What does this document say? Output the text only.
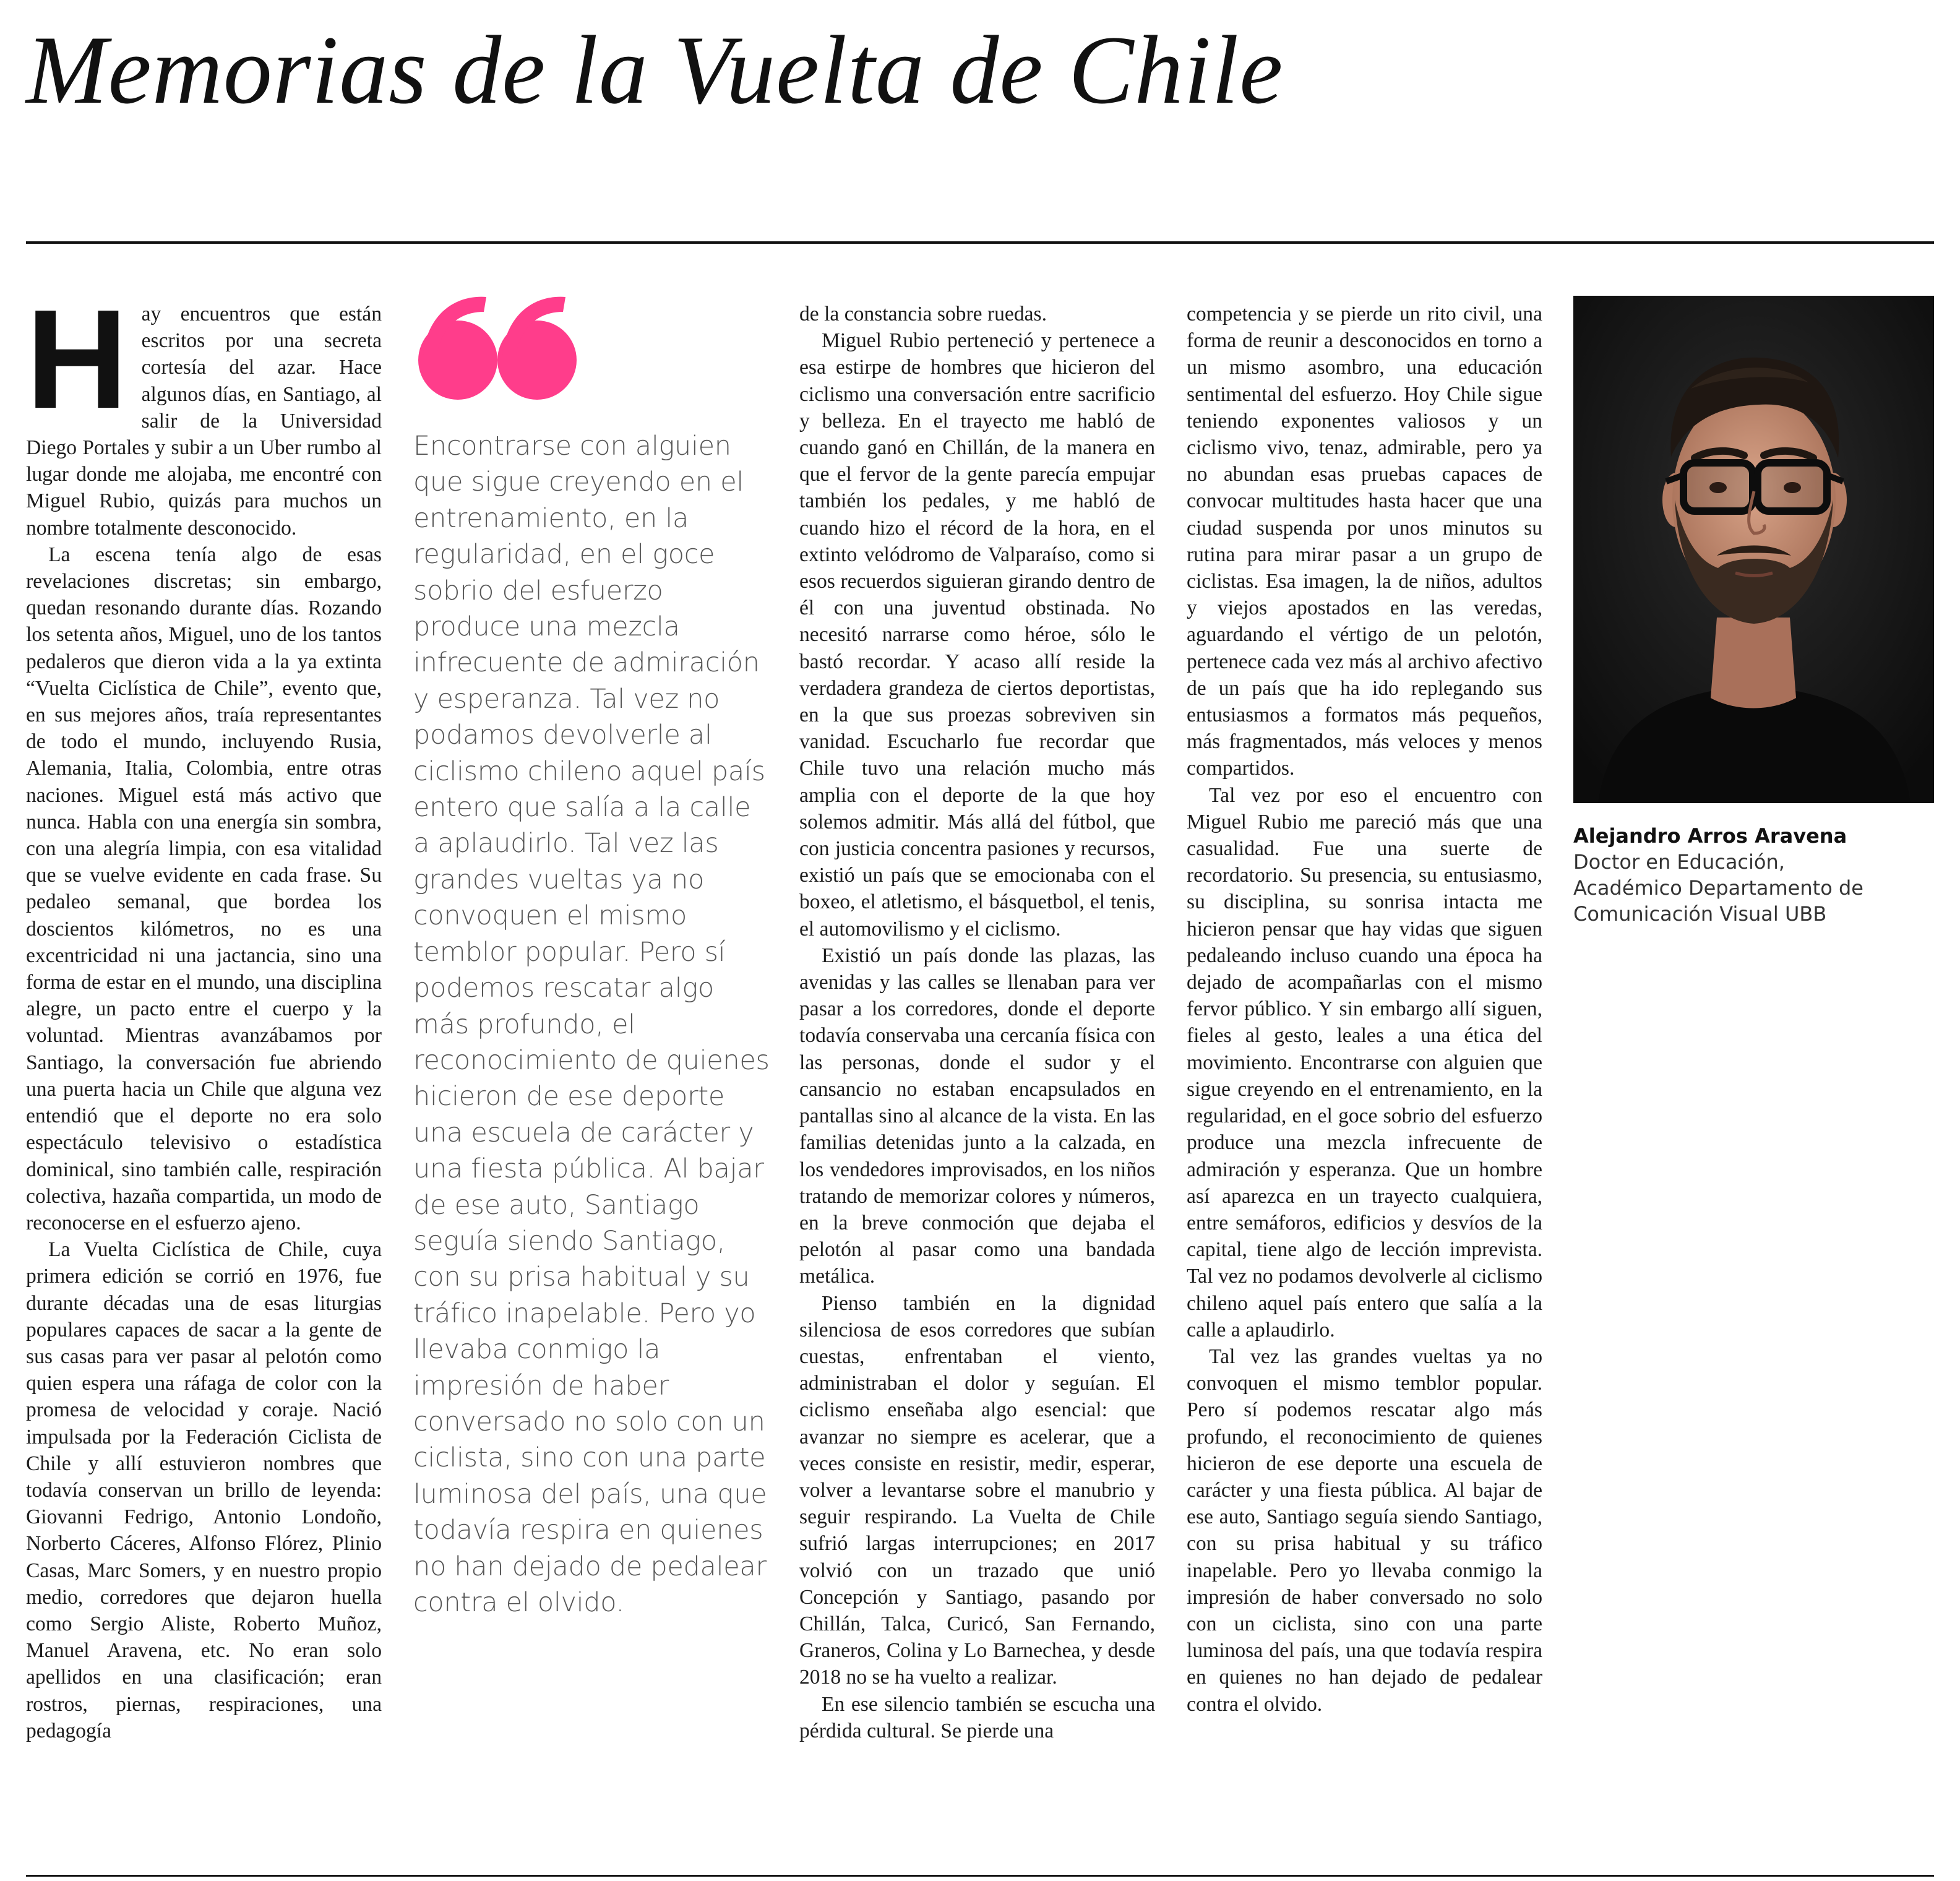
Memorias de la Vuelta de Chile
H ay encuentros que están escritos por una secreta cortesía del azar. Hace algunos días, en Santiago, al salir de la Universidad Diego Portales y subir a un Uber rumbo al lugar donde me alojaba, me encontré con Miguel Rubio, quizás para muchos un nombre totalmente desconocido.

La escena tenía algo de esas revelaciones discretas; sin embargo, quedan resonando durante días. Rozando los setenta años, Miguel, uno de los tantos pedaleros que dieron vida a la ya extinta “Vuelta Ciclística de Chile”, evento que, en sus mejores años, traía representantes de todo el mundo, incluyendo Rusia, Alemania, Italia, Colombia, entre otras naciones. Miguel está más activo que nunca. Habla con una energía sin sombra, con una alegría limpia, con esa vitalidad que se vuelve evidente en cada frase. Su pedaleo semanal, que bordea los doscientos kilómetros, no es una excentricidad ni una jactancia, sino una forma de estar en el mundo, una disciplina alegre, un pacto entre el cuerpo y la voluntad. Mientras avanzábamos por Santiago, la conversación fue abriendo una puerta hacia un Chile que alguna vez entendió que el deporte no era solo espectáculo televisivo o estadística dominical, sino también calle, respiración colectiva, hazaña compartida, un modo de reconocerse en el esfuerzo ajeno.

La Vuelta Ciclística de Chile, cuya primera edición se corrió en 1976, fue durante décadas una de esas liturgias populares capaces de sacar a la gente de sus casas para ver pasar al pelotón como quien espera una ráfaga de color con la promesa de velocidad y coraje. Nació impulsada por la Federación Ciclista de Chile y allí estuvieron nombres que todavía conservan un brillo de leyenda: Giovanni Fedrigo, Antonio Londoño, Norberto Cáceres, Alfonso Flórez, Plinio Casas, Marc Somers, y en nuestro propio medio, corredores que dejaron huella como Sergio Aliste, Roberto Muñoz, Manuel Aravena, etc. No eran solo apellidos en una clasificación; eran rostros, piernas, respiraciones, una pedagogía

Encontrarse con alguien que sigue creyendo en el entrenamiento, en la regularidad, en el goce sobrio del esfuerzo produce una mezcla infrecuente de admiración y esperanza. Tal vez no podamos devolverle al ciclismo chileno aquel país entero que salía a la calle a aplaudirlo. Tal vez las grandes vueltas ya no convoquen el mismo temblor popular. Pero sí podemos rescatar algo más profundo, el reconocimiento de quienes hicieron de ese deporte una escuela de carácter y una fiesta pública. Al bajar de ese auto, Santiago seguía siendo Santiago, con su prisa habitual y su tráfico inapelable. Pero yo llevaba conmigo la impresión de haber conversado no solo con un ciclista, sino con una parte luminosa del país, una que todavía respira en quienes no han dejado de pedalear contra el olvido.

de la constancia sobre ruedas.

Miguel Rubio perteneció y pertenece a esa estirpe de hombres que hicieron del ciclismo una conversación entre sacrificio y belleza. En el trayecto me habló de cuando ganó en Chillán, de la manera en que el fervor de la gente parecía empujar también los pedales, y me habló de cuando hizo el récord de la hora, en el extinto velódromo de Valparaíso, como si esos recuerdos siguieran girando dentro de él con una juventud obstinada. No necesitó narrarse como héroe, sólo le bastó recordar. Y acaso allí reside la verdadera grandeza de ciertos deportistas, en la que sus proezas sobreviven sin vanidad. Escucharlo fue recordar que Chile tuvo una relación mucho más amplia con el deporte de la que hoy solemos admitir. Más allá del fútbol, que con justicia concentra pasiones y recursos, existió un país que se emocionaba con el boxeo, el atletismo, el básquetbol, el tenis, el automovilismo y el ciclismo.

Existió un país donde las plazas, las avenidas y las calles se llenaban para ver pasar a los corredores, donde el deporte todavía conservaba una cercanía física con las personas, donde el sudor y el cansancio no estaban encapsulados en pantallas sino al alcance de la vista. En las familias detenidas junto a la calzada, en los vendedores improvisados, en los niños tratando de memorizar colores y números, en la breve conmoción que dejaba el pelotón al pasar como una bandada metálica.

Pienso también en la dignidad silenciosa de esos corredores que subían cuestas, enfrentaban el viento, administraban el dolor y seguían. El ciclismo enseñaba algo esencial: que avanzar no siempre es acelerar, que a veces consiste en resistir, medir, esperar, volver a levantarse sobre el manubrio y seguir respirando. La Vuelta de Chile sufrió largas interrupciones; en 2017 volvió con un trazado que unió Concepción y Santiago, pasando por Chillán, Talca, Curicó, San Fernando, Graneros, Colina y Lo Barnechea, y desde 2018 no se ha vuelto a realizar.

En ese silencio también se escucha una pérdida cultural. Se pierde una

competencia y se pierde un rito civil, una forma de reunir a desconocidos en torno a un mismo asombro, una educación sentimental del esfuerzo. Hoy Chile sigue teniendo exponentes valiosos y un ciclismo vivo, tenaz, admirable, pero ya no abundan esas pruebas capaces de convocar multitudes hasta hacer que una ciudad suspenda por unos minutos su rutina para mirar pasar a un grupo de ciclistas. Esa imagen, la de niños, adultos y viejos apostados en las veredas, aguardando el vértigo de un pelotón, pertenece cada vez más al archivo afectivo de un país que ha ido replegando sus entusiasmos a formatos más pequeños, más fragmentados, más veloces y menos compartidos.

Tal vez por eso el encuentro con Miguel Rubio me pareció más que una casualidad. Fue una suerte de recordatorio. Su presencia, su entusiasmo, su disciplina, su sonrisa intacta me hicieron pensar que hay vidas que siguen pedaleando incluso cuando una época ha dejado de acompañarlas con el mismo fervor público. Y sin embargo allí siguen, fieles al gesto, leales a una ética del movimiento. Encontrarse con alguien que sigue creyendo en el entrenamiento, en la regularidad, en el goce sobrio del esfuerzo produce una mezcla infrecuente de admiración y esperanza. Que un hombre así aparezca en un trayecto cualquiera, entre semáforos, edificios y desvíos de la capital, tiene algo de lección imprevista. Tal vez no podamos devolverle al ciclismo chileno aquel país entero que salía a la calle a aplaudirlo.

Tal vez las grandes vueltas ya no convoquen el mismo temblor popular. Pero sí podemos rescatar algo más profundo, el reconocimiento de quienes hicieron de ese deporte una escuela de carácter y una fiesta pública. Al bajar de ese auto, Santiago seguía siendo Santiago, con su prisa habitual y su tráfico inapelable. Pero yo llevaba conmigo la impresión de haber conversado no solo con un ciclista, sino con una parte luminosa del país, una que todavía respira en quienes no han dejado de pedalear contra el olvido.

Alejandro Arros Aravena
Doctor en Educación,
Académico Departamento de
Comunicación Visual UBB
